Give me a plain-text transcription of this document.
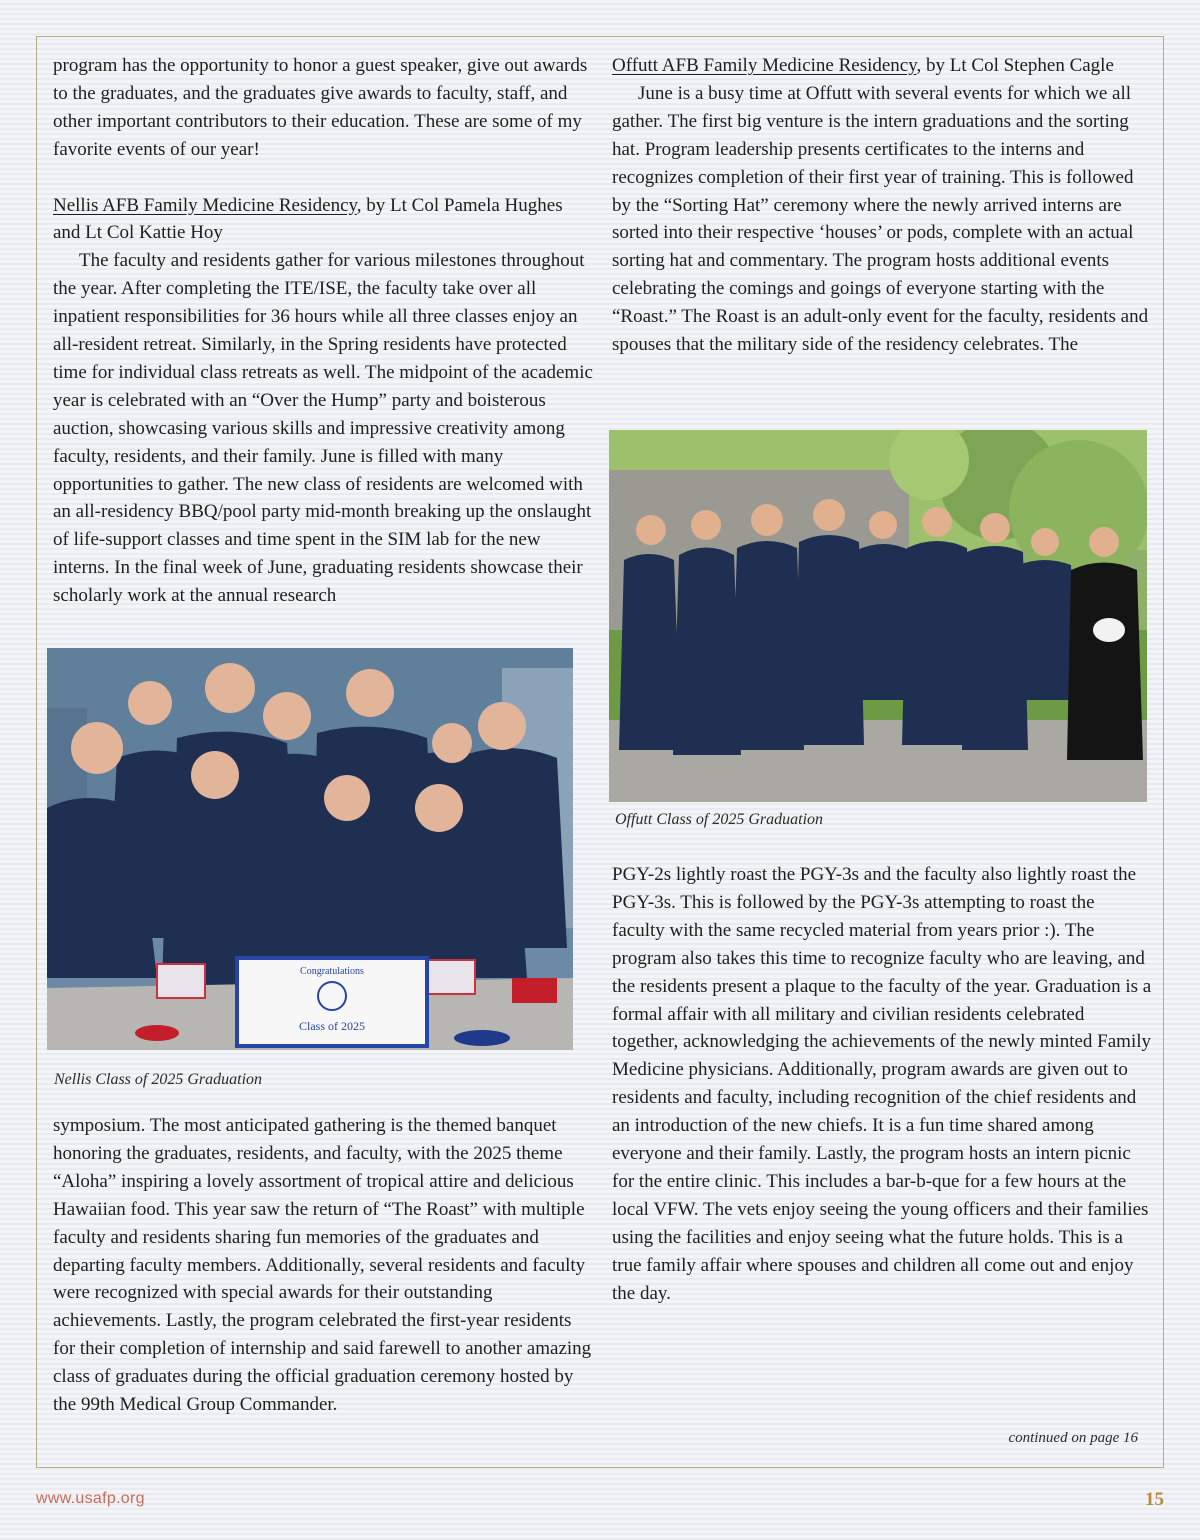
program has the opportunity to honor a guest speaker, give out awards to the graduates, and the graduates give awards to faculty, staff, and other important contributors to their education. These are some of my favorite events of our year!

Nellis AFB Family Medicine Residency, by Lt Col Pamela Hughes and Lt Col Kattie Hoy

The faculty and residents gather for various milestones throughout the year. After completing the ITE/ISE, the faculty take over all inpatient responsibilities for 36 hours while all three classes enjoy an all-resident retreat. Similarly, in the Spring residents have protected time for individual class retreats as well. The midpoint of the academic year is celebrated with an “Over the Hump” party and boisterous auction, showcasing various skills and impressive creativity among faculty, residents, and their family. June is filled with many opportunities to gather. The new class of residents are welcomed with an all-residency BBQ/pool party mid-month breaking up the onslaught of life-support classes and time spent in the SIM lab for the new interns. In the final week of June, graduating residents showcase their scholarly work at the annual research

Congratulations
Class of 2025
Nellis Class of 2025 Graduation

symposium. The most anticipated gathering is the themed banquet honoring the graduates, residents, and faculty, with the 2025 theme “Aloha” inspiring a lovely assortment of tropical attire and delicious Hawaiian food. This year saw the return of “The Roast” with multiple faculty and residents sharing fun memories of the graduates and departing faculty members. Additionally, several residents and faculty were recognized with special awards for their outstanding achievements. Lastly, the program celebrated the first-year residents for their completion of internship and said farewell to another amazing class of graduates during the official graduation ceremony hosted by the 99th Medical Group Commander.

Offutt AFB Family Medicine Residency, by Lt Col Stephen Cagle

June is a busy time at Offutt with several events for which we all gather. The first big venture is the intern graduations and the sorting hat. Program leadership presents certificates to the interns and recognizes completion of their first year of training. This is followed by the “Sorting Hat” ceremony where the newly arrived interns are sorted into their respective ‘houses’ or pods, complete with an actual sorting hat and commentary. The program hosts additional events celebrating the comings and goings of everyone starting with the “Roast.” The Roast is an adult-only event for the faculty, residents and spouses that the military side of the residency celebrates. The

Offutt Class of 2025 Graduation

PGY-2s lightly roast the PGY-3s and the faculty also lightly roast the PGY-3s. This is followed by the PGY-3s attempting to roast the faculty with the same recycled material from years prior :). The program also takes this time to recognize faculty who are leaving, and the residents present a plaque to the faculty of the year. Graduation is a formal affair with all military and civilian residents celebrated together, acknowledging the achievements of the newly minted Family Medicine physicians. Additionally, program awards are given out to residents and faculty, including recognition of the chief residents and an introduction of the new chiefs. It is a fun time shared among everyone and their family. Lastly, the program hosts an intern picnic for the entire clinic. This includes a bar-b-que for a few hours at the local VFW. The vets enjoy seeing the young officers and their families using the facilities and enjoy seeing what the future holds. This is a true family affair where spouses and children all come out and enjoy the day.

continued on page 16
www.usafp.org	15
